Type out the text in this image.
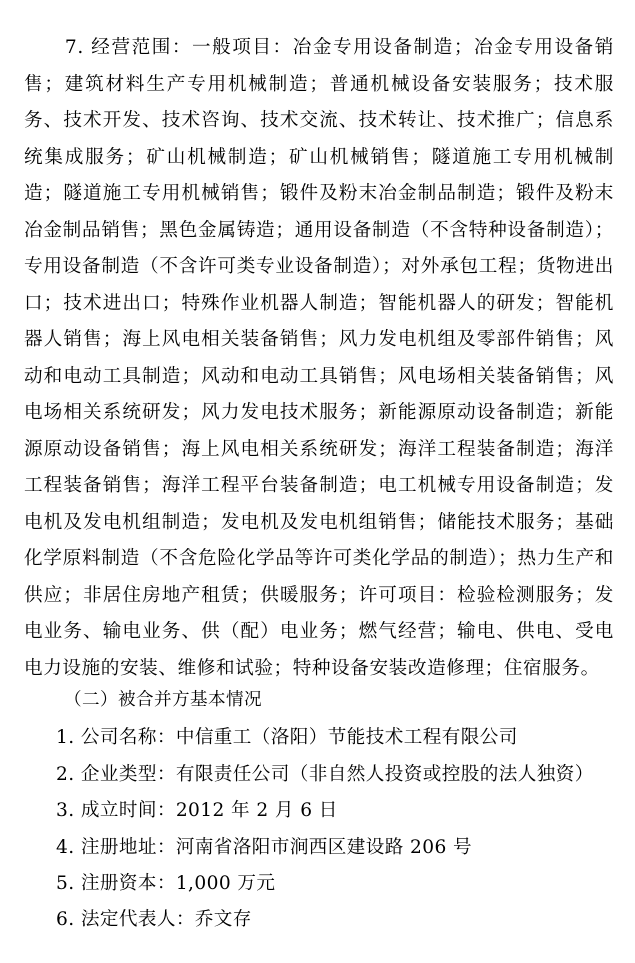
7. 经营范围：一般项目：冶金专用设备制造；冶金专用设备销售；建筑材料生产专用机械制造；普通机械设备安装服务；技术服务、技术开发、技术咨询、技术交流、技术转让、技术推广；信息系统集成服务；矿山机械制造；矿山机械销售；隧道施工专用机械制造；隧道施工专用机械销售；锻件及粉末冶金制品制造；锻件及粉末冶金制品销售；黑色金属铸造；通用设备制造（不含特种设备制造）；专用设备制造（不含许可类专业设备制造）；对外承包工程；货物进出口；技术进出口；特殊作业机器人制造；智能机器人的研发；智能机器人销售；海上风电相关装备销售；风力发电机组及零部件销售；风动和电动工具制造；风动和电动工具销售；风电场相关装备销售；风电场相关系统研发；风力发电技术服务；新能源原动设备制造；新能源原动设备销售；海上风电相关系统研发；海洋工程装备制造；海洋工程装备销售；海洋工程平台装备制造；电工机械专用设备制造；发电机及发电机组制造；发电机及发电机组销售；储能技术服务；基础化学原料制造（不含危险化学品等许可类化学品的制造）；热力生产和供应；非居住房地产租赁；供暖服务；许可项目：检验检测服务；发电业务、输电业务、供（配）电业务；燃气经营；输电、供电、受电电力设施的安装、维修和试验；特种设备安装改造修理；住宿服务。

（二）被合并方基本情况
1. 公司名称：中信重工（洛阳）节能技术工程有限公司
2. 企业类型：有限责任公司（非自然人投资或控股的法人独资）
3. 成立时间：2012 年 2 月 6 日
4. 注册地址：河南省洛阳市涧西区建设路 206 号
5. 注册资本：1,000 万元
6. 法定代表人：乔文存
